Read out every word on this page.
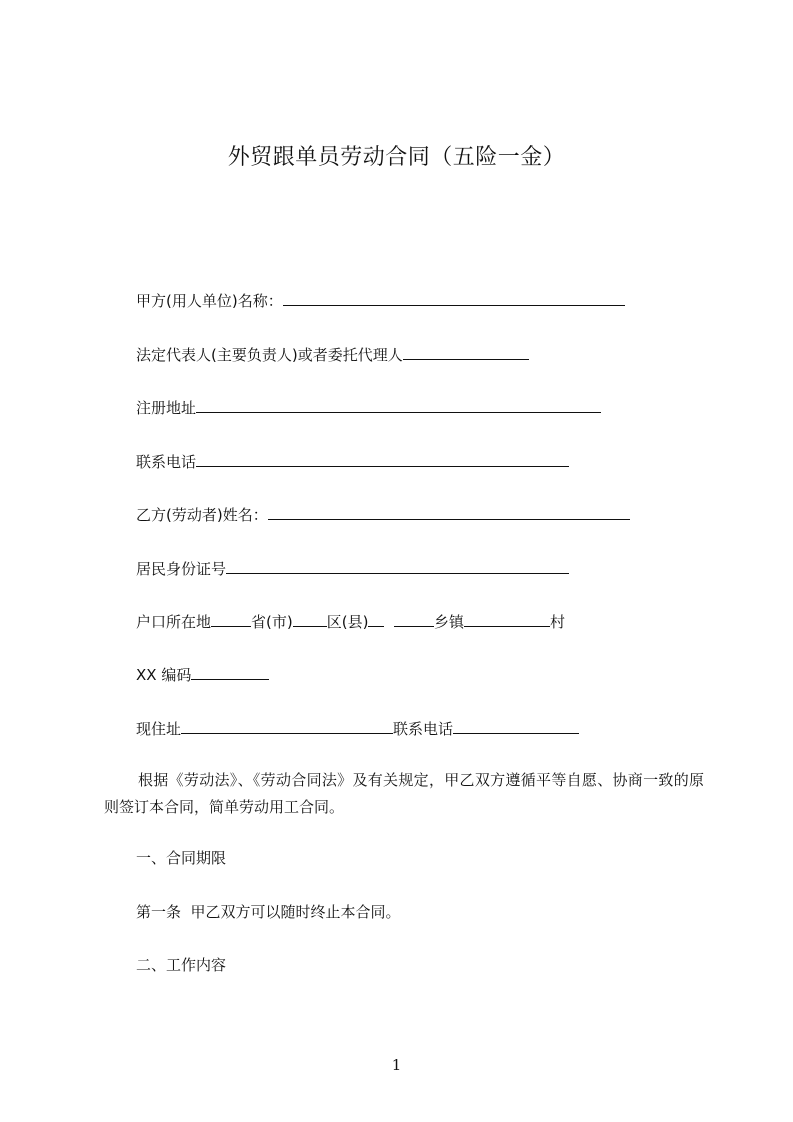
外贸跟单员劳动合同（五险一金）
甲方(用人单位)名称：
法定代表人(主要负责人)或者委托代理人
注册地址
联系电话
乙方(劳动者)姓名：
居民身份证号
户口所在地	省(市) 区(县)	乡镇	村
XX 编码
现住址	联系电话
根据《劳动法》、《劳动合同法》及有关规定，甲乙双方遵循平等自愿、协商一致的原则签订本合同，简单劳动用工合同。
一、合同期限
第一条  甲乙双方可以随时终止本合同。
二、工作内容
1
